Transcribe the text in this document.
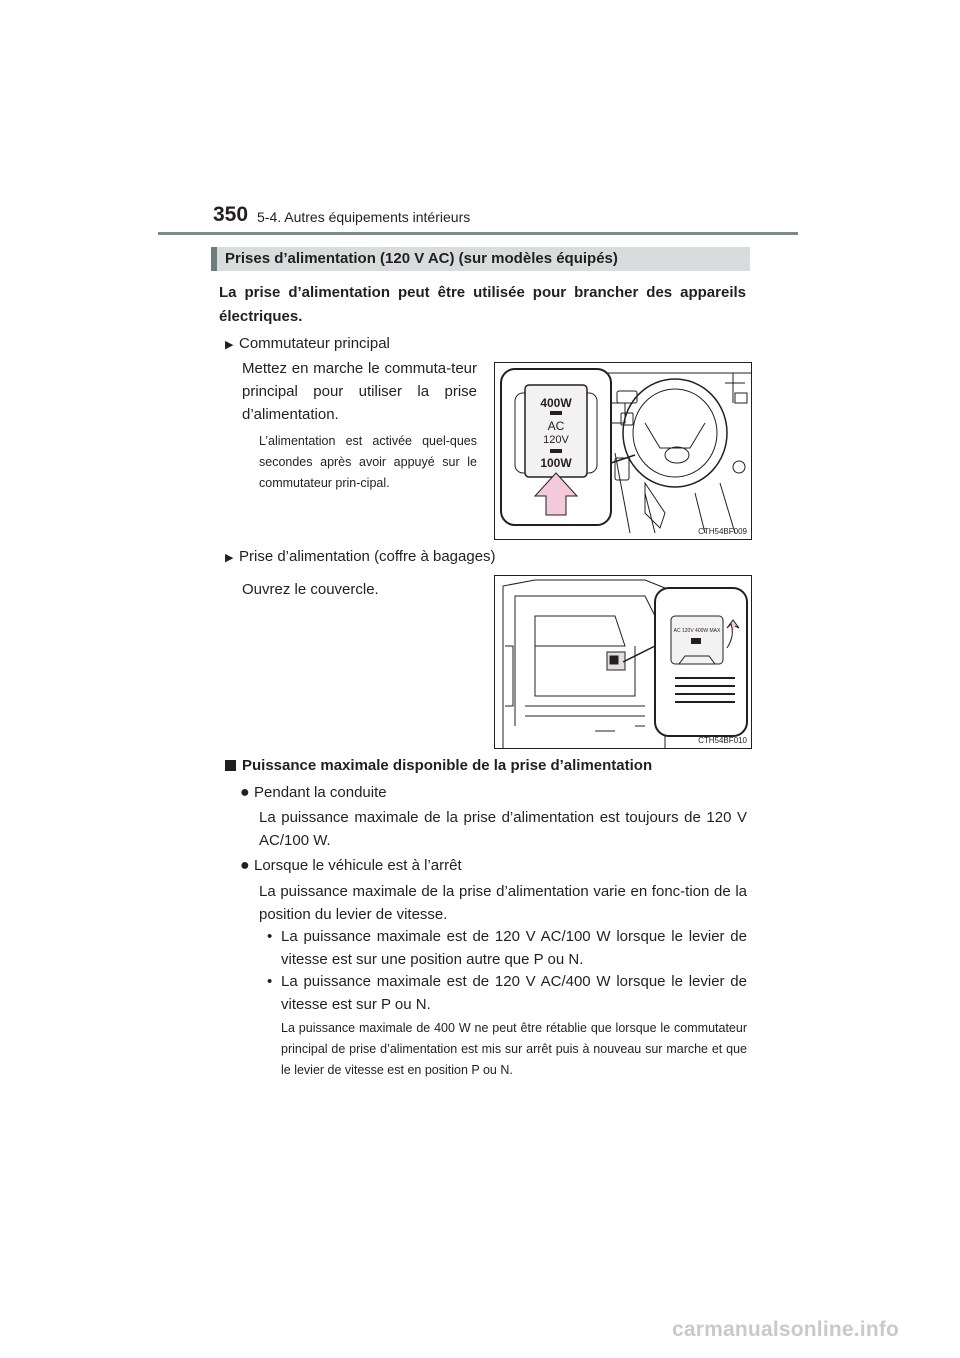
350 5-4. Autres équipements intérieurs
Prises d’alimentation (120 V AC) (sur modèles équipés)
La prise d’alimentation peut être utilisée pour brancher des appareils électriques.
▶ Commutateur principal
Mettez en marche le commuta-teur principal pour utiliser la prise d’alimentation.
L’alimentation est activée quel-ques secondes après avoir appuyé sur le commutateur prin-cipal.
400W
AC
120V
100W
CTH54BF009
▶ Prise d’alimentation (coffre à bagages)
Ouvrez le couvercle.
AC 120V 400W MAX
CTH54BF010
Puissance maximale disponible de la prise d’alimentation
● Pendant la conduite
La puissance maximale de la prise d’alimentation est toujours de 120 V AC/100 W.
● Lorsque le véhicule est à l’arrêt
La puissance maximale de la prise d’alimentation varie en fonc-tion de la position du levier de vitesse.
• La puissance maximale est de 120 V AC/100 W lorsque le levier de vitesse est sur une position autre que P ou N.
• La puissance maximale est de 120 V AC/400 W lorsque le levier de vitesse est sur P ou N.
La puissance maximale de 400 W ne peut être rétablie que lorsque le commutateur principal de prise d’alimentation est mis sur arrêt puis à nouveau sur marche et que le levier de vitesse est en position P ou N.
carmanualsonline.info
